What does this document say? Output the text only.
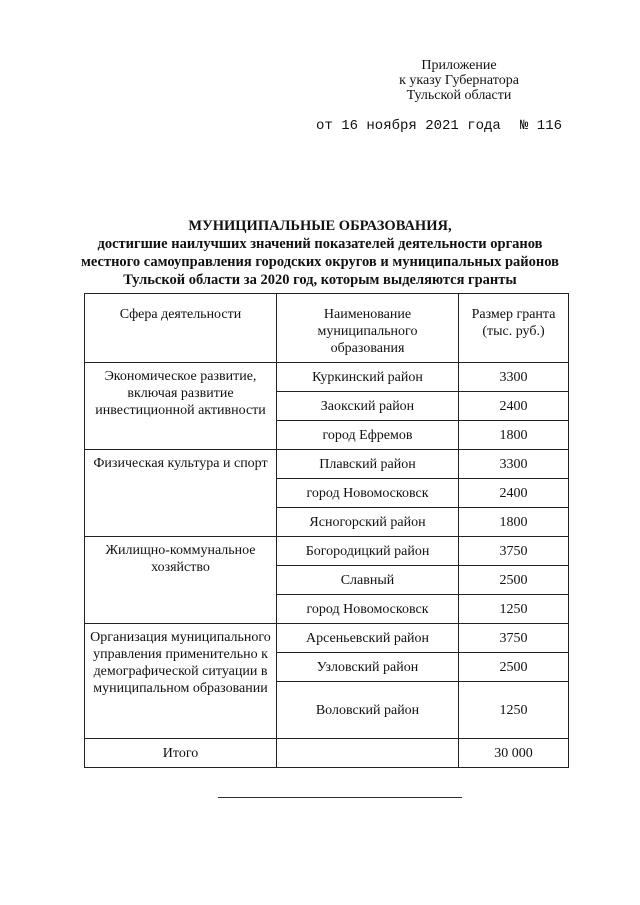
Приложение
к указу Губернатора
Тульской области
от 16 ноября 2021 года № 116
МУНИЦИПАЛЬНЫЕ ОБРАЗОВАНИЯ,
достигшие наилучших значений показателей деятельности органов
местного самоуправления городских округов и муниципальных районов
Тульской области за 2020 год, которым выделяются гранты
Сфера деятельности	Наименование муниципального образования	Размер гранта (тыс. руб.)
Экономическое развитие, включая развитие инвестиционной активности	Куркинский район	3300
	Заокский район	2400
	город Ефремов	1800
Физическая культура и спорт	Плавский район	3300
	город Новомосковск	2400
	Ясногорский район	1800
Жилищно-коммунальное хозяйство	Богородицкий район	3750
	Славный	2500
	город Новомосковск	1250
Организация муниципального управления применительно к демографической ситуации в муниципальном образовании	Арсеньевский район	3750
	Узловский район	2500
	Воловский район	1250
Итого		30 000
